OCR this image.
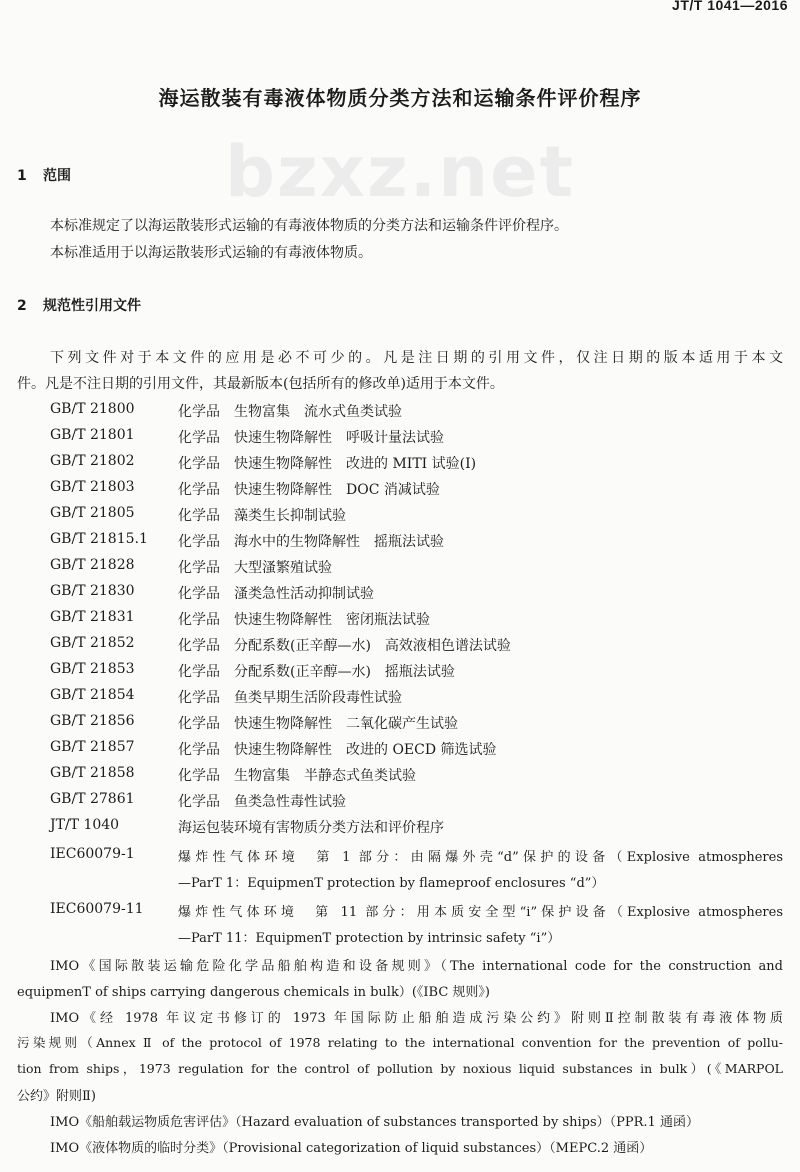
JT/T 1041—2016
bzxz.net
海运散装有毒液体物质分类方法和运输条件评价程序
1 范围
本标准规定了以海运散装形式运输的有毒液体物质的分类方法和运输条件评价程序。
本标准适用于以海运散装形式运输的有毒液体物质。
2 规范性引用文件
下列文件对于本文件的应用是必不可少的。凡是注日期的引用文件，仅注日期的版本适用于本文
件。凡是不注日期的引用文件，其最新版本(包括所有的修改单)适用于本文件。
GB/T 21800	化学品　生物富集　流水式鱼类试验
GB/T 21801	化学品　快速生物降解性　呼吸计量法试验
GB/T 21802	化学品　快速生物降解性　改进的 MITI 试验(Ⅰ)
GB/T 21803	化学品　快速生物降解性　DOC 消减试验
GB/T 21805	化学品　藻类生长抑制试验
GB/T 21815.1 化学品　海水中的生物降解性　摇瓶法试验
GB/T 21828	化学品　大型溞繁殖试验
GB/T 21830	化学品　溞类急性活动抑制试验
GB/T 21831	化学品　快速生物降解性　密闭瓶法试验
GB/T 21852	化学品　分配系数(正辛醇—水)　高效液相色谱法试验
GB/T 21853	化学品　分配系数(正辛醇—水)　摇瓶法试验
GB/T 21854	化学品　鱼类早期生活阶段毒性试验
GB/T 21856	化学品　快速生物降解性　二氧化碳产生试验
GB/T 21857	化学品　快速生物降解性　改进的 OECD 筛选试验
GB/T 21858	化学品　生物富集　半静态式鱼类试验
GB/T 27861	化学品　鱼类急性毒性试验
JT/T 1040	海运包装环境有害物质分类方法和评价程序
IEC60079-1	爆炸性气体环境　第 1 部分：由隔爆外壳“d”保护的设备（Explosive atmospheres
—ParT 1：EquipmenT protection by flameproof enclosures “d”）
IEC60079-11	爆炸性气体环境　第 11 部分：用本质安全型“i”保护设备（Explosive atmospheres
—ParT 11：EquipmenT protection by intrinsic safety “i”）
IMO《国际散装运输危险化学品船舶构造和设备规则》（The international code for the construction and
equipmenT of ships carrying dangerous chemicals in bulk）(《IBC 规则》)
IMO《经 1978 年议定书修订的 1973 年国际防止船舶造成污染公约》附则Ⅱ控制散装有毒液体物质
污染规则（Annex Ⅱ of the protocol of 1978 relating to the international convention for the prevention of pollu-
tion from ships，1973 regulation for the control of pollution by noxious liquid substances in bulk）(《MARPOL
公约》附则Ⅱ)
IMO《船舶载运物质危害评估》（Hazard evaluation of substances transported by ships）（PPR.1 通函）
IMO《液体物质的临时分类》（Provisional categorization of liquid substances）（MEPC.2 通函）
